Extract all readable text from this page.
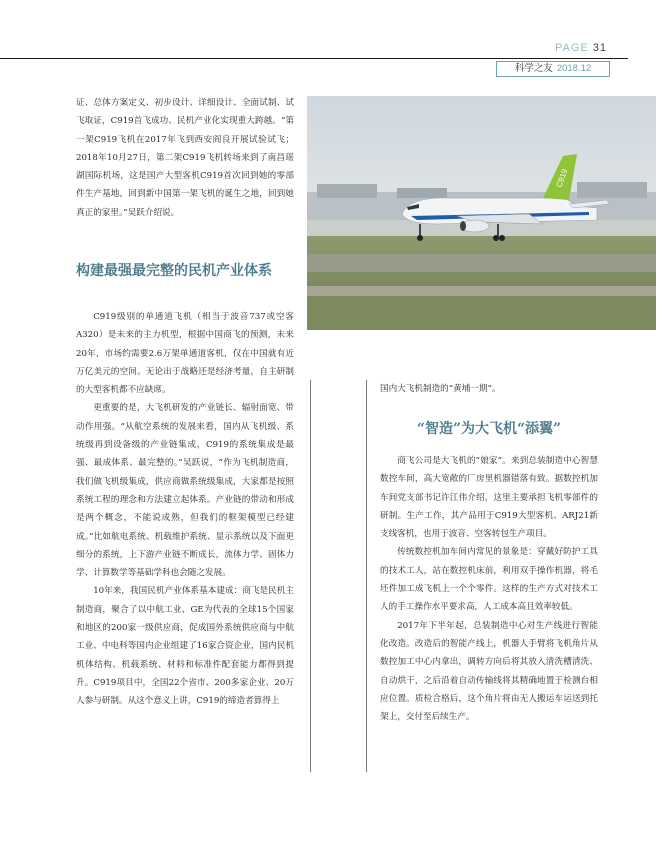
PAGE 31
科学之友 2018.12

证、总体方案定义、初步设计、详细设计、全面试制、试飞取证，C919首飞成功、民机产业化实现重大跨越。“第一架C919飞机在2017年飞到西安阎良开展试验试飞；2018年10月27日，第二架C919飞机转场来到了南昌瑶湖国际机场，这是国产大型客机C919首次回到她的零部件生产基地，回到新中国第一架飞机的诞生之地，回到她真正的家里。”吴跃介绍说。

构建最强最完整的民机产业体系

C919级别的单通道飞机（相当于波音737或空客A320）是未来的主力机型，根据中国商飞的预测，未来20年，市场约需要2.6万架单通道客机，仅在中国就有近万亿美元的空间。无论出于战略还是经济考量，自主研制的大型客机都不应缺席。

更重要的是，大飞机研发的产业链长、辐射面宽、带动作用强。“从航空系统的发展来看，国内从飞机级、系统级再到设备级的产业链集成，C919的系统集成是最强、最成体系、最完整的。”吴跃说，“作为飞机制造商，我们做飞机级集成，供应商做系统级集成，大家都是按照系统工程的理念和方法建立起体系。产业链的带动和形成是两个概念，不能说成熟，但我们的框架模型已经建成。”比如航电系统、机载维护系统、显示系统以及下面更细分的系统，上下游产业链不断成长，流体力学、固体力学、计算数学等基础学科也会随之发展。

10年来，我国民机产业体系基本建成：商飞是民机主制造商，聚合了以中航工业、GE为代表的全球15个国家和地区的200家一级供应商，促成国外系统供应商与中航工业、中电科等国内企业组建了16家合资企业，国内民机机体结构、机载系统、材料和标准件配套能力都得到提升。C919项目中，全国22个省市、200多家企业、20万人参与研制。从这个意义上讲，C919的缔造者算得上

C919

国内大飞机制造的“黄埔一期”。

“智造”为大飞机“添翼”

商飞公司是大飞机的“娘家”。来到总装制造中心智慧数控车间，高大宽敞的厂房里机器错落有致。据数控机加车间党支部书记许江伟介绍，这里主要承担飞机零部件的研制。生产工作，其产品用于C919大型客机、ARJ21新支线客机，也用于波音、空客转包生产项目。

传统数控机加车间内常见的景象是：穿戴好防护工具的技术工人，站在数控机床前，利用双手操作机器，将毛坯件加工成飞机上一个个零件。这样的生产方式对技术工人的手工操作水平要求高，人工成本高且效率较低。

2017年下半年起，总装制造中心对生产线进行智能化改造。改造后的智能产线上，机器人手臂将飞机角片从数控加工中心内拿出，调转方向后将其放入清洗槽清洗、自动烘干，之后沿着自动传输线将其精确地置于检测台相应位置。质检合格后，这个角片将由无人搬运车运送到托架上，交付至后续生产。
